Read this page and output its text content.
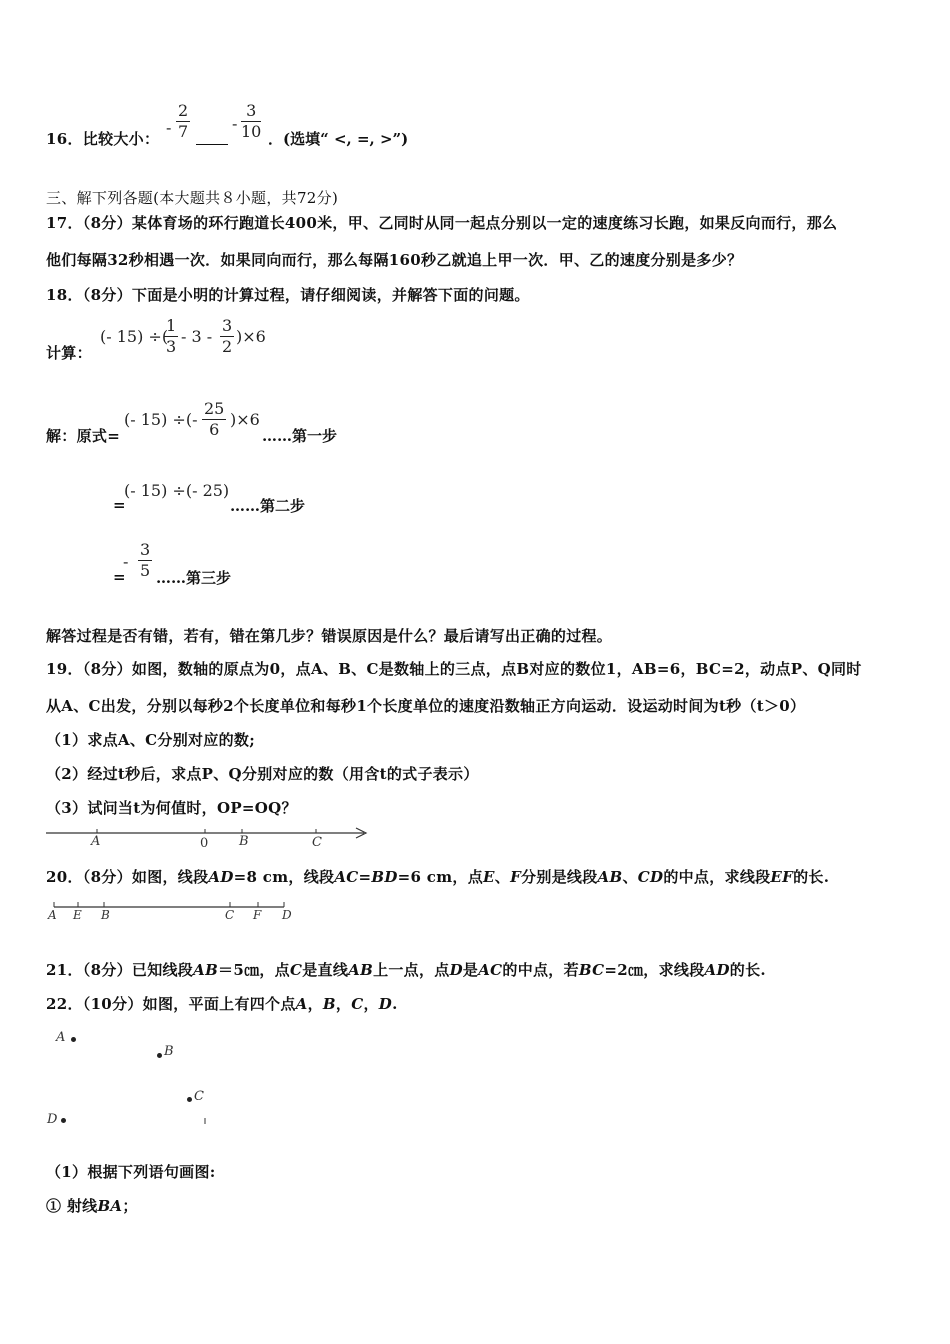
16．比较大小：
- $\frac{2}{7}$	- $\frac{3}{10}$ ．(选填“ <, =, >”)
三、解下列各题(本大题共８小题，共72分)
17．（8分）某体育场的环行跑道长400米，甲、乙同时从同一起点分别以一定的速度练习长跑，如果反向而行，那么
他们每隔32秒相遇一次．如果同向而行，那么每隔160秒乙就追上甲一次．甲、乙的速度分别是多少？
18．（8分）下面是小明的计算过程，请仔细阅读，并解答下面的问题。
计算：
(- 15) ÷(
$\frac{1}{3} - 3 - \frac{3}{2} )\times 6$
解：原式=
(- 15) ÷(- $\frac{25}{6} )\times 6$
……第一步
=
(- 15) ÷(- 25)
……第二步
=
- $\frac{3}{5}$ ……第三步
解答过程是否有错，若有，错在第几步？错误原因是什么？最后请写出正确的过程。
19．（8分）如图，数轴的原点为0，点A、B、C是数轴上的三点，点B对应的数位1，AB=6，BC=2，动点P、Q同时
从A、C出发，分别以每秒2个长度单位和每秒1个长度单位的速度沿数轴正方向运动．设运动时间为t秒（t＞0）
（1）求点A、C分别对应的数;
（2）经过t秒后，求点P、Q分别对应的数（用含t的式子表示）
（3）试问当t为何值时，OP=OQ？
A	0 B	C
20．（8分）如图，线段AD=8 cm，线段AC=BD=6 cm，点E、F分别是线段AB、CD的中点，求线段EF的长.
A E B	C F D
21．（8分）已知线段AB＝5㎝，点C是直线AB上一点，点D是AC的中点，若BC=2㎝，求线段AD的长.
22．（10分）如图，平面上有四个点A，B，C，D.
A
B
C
D
（1）根据下列语句画图:
① 射线BA；
